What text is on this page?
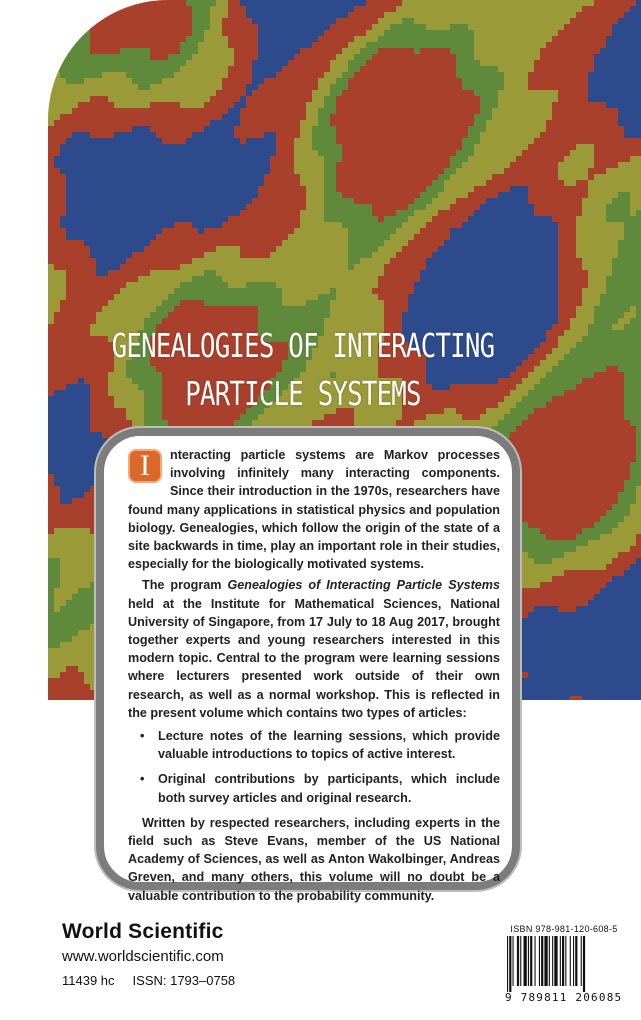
GENEALOGIES OF INTERACTING
PARTICLE SYSTEMS

I	nteracting particle systems are Markov processes involving infinitely many interacting components. Since their introduction in the 1970s, researchers have found many applications in statistical physics and population biology. Genealogies, which follow the origin of the state of a site backwards in time, play an important role in their studies, especially for the biologically motivated systems.

The program Genealogies of Interacting Particle Systems held at the Institute for Mathematical Sciences, National University of Singapore, from 17 July to 18 Aug 2017, brought together experts and young researchers interested in this modern topic. Central to the program were learning sessions where lecturers presented work outside of their own research, as well as a normal workshop. This is reflected in the present volume which contains two types of articles:

• Lecture notes of the learning sessions, which provide valuable introductions to topics of active interest.
• Original contributions by participants, which include both survey articles and original research.

Written by respected researchers, including experts in the field such as Steve Evans, member of the US National Academy of Sciences, as well as Anton Wakolbinger, Andreas Greven, and many others, this volume will no doubt be a valuable contribution to the probability community.

World Scientific
www.worldscientific.com
11439 hc ISSN: 1793–0758
ISBN 978-981-120-608-5
9 789811 206085
